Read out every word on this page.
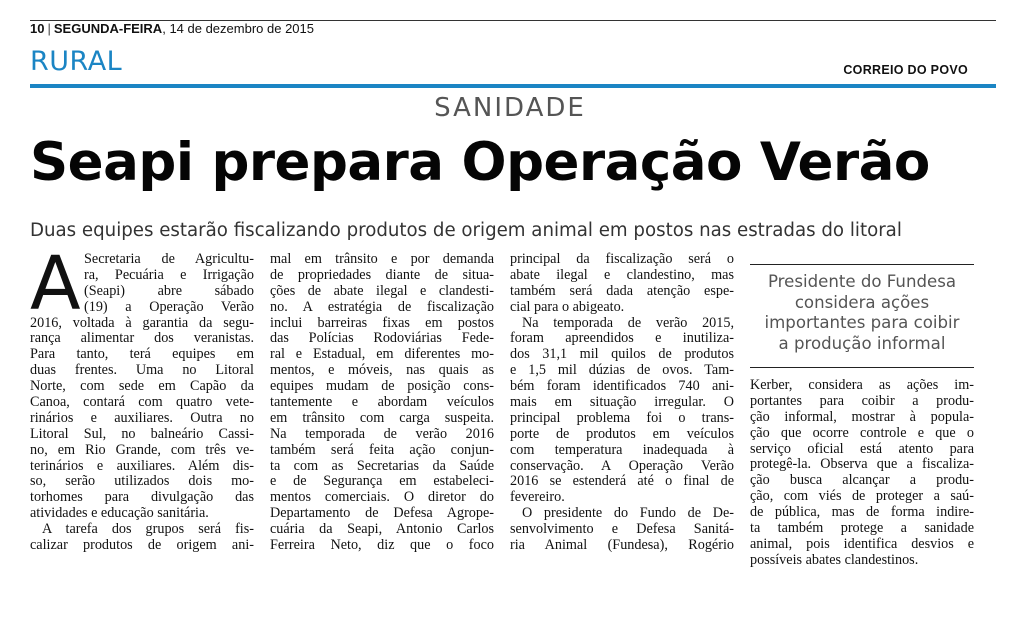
10 | SEGUNDA-FEIRA, 14 de dezembro de 2015
RURAL	CORREIO DO POVO
SANIDADE
Seapi prepara Operação Verão
Duas equipes estarão fiscalizando produtos de origem animal em postos nas estradas do litoral
A Secretaria de Agricultu-
ra, Pecuária e Irrigação
(Seapi) abre sábado
(19) a Operação Verão
2016, voltada à garantia da segu-
rança alimentar dos veranistas.
Para tanto, terá equipes em
duas frentes. Uma no Litoral
Norte, com sede em Capão da
Canoa, contará com quatro vete-
rinários e auxiliares. Outra no
Litoral Sul, no balneário Cassi-
no, em Rio Grande, com três ve-
terinários e auxiliares. Além dis-
so, serão utilizados dois mo-
torhomes para divulgação das
atividades e educação sanitária.
A tarefa dos grupos será fis-
calizar produtos de origem ani-
mal em trânsito e por demanda
de propriedades diante de situa-
ções de abate ilegal e clandesti-
no. A estratégia de fiscalização
inclui barreiras fixas em postos
das Polícias Rodoviárias Fede-
ral e Estadual, em diferentes mo-
mentos, e móveis, nas quais as
equipes mudam de posição cons-
tantemente e abordam veículos
em trânsito com carga suspeita.
Na temporada de verão 2016
também será feita ação conjun-
ta com as Secretarias da Saúde
e de Segurança em estabeleci-
mentos comerciais. O diretor do
Departamento de Defesa Agrope-
cuária da Seapi, Antonio Carlos
Ferreira Neto, diz que o foco
principal da fiscalização será o
abate ilegal e clandestino, mas
também será dada atenção espe-
cial para o abigeato.
Na temporada de verão 2015,
foram apreendidos e inutiliza-
dos 31,1 mil quilos de produtos
e 1,5 mil dúzias de ovos. Tam-
bém foram identificados 740 ani-
mais em situação irregular. O
principal problema foi o trans-
porte de produtos em veículos
com temperatura inadequada à
conservação. A Operação Verão
2016 se estenderá até o final de
fevereiro.
O presidente do Fundo de De-
senvolvimento e Defesa Sanitá-
ria Animal (Fundesa), Rogério
Presidente do Fundesa
considera ações
importantes para coibir
a produção informal
Kerber, considera as ações im-
portantes para coibir a produ-
ção informal, mostrar à popula-
ção que ocorre controle e que o
serviço oficial está atento para
protegê-la. Observa que a fiscaliza-
ção busca alcançar a produ-
ção, com viés de proteger a saú-
de pública, mas de forma indire-
ta também protege a sanidade
animal, pois identifica desvios e
possíveis abates clandestinos.
